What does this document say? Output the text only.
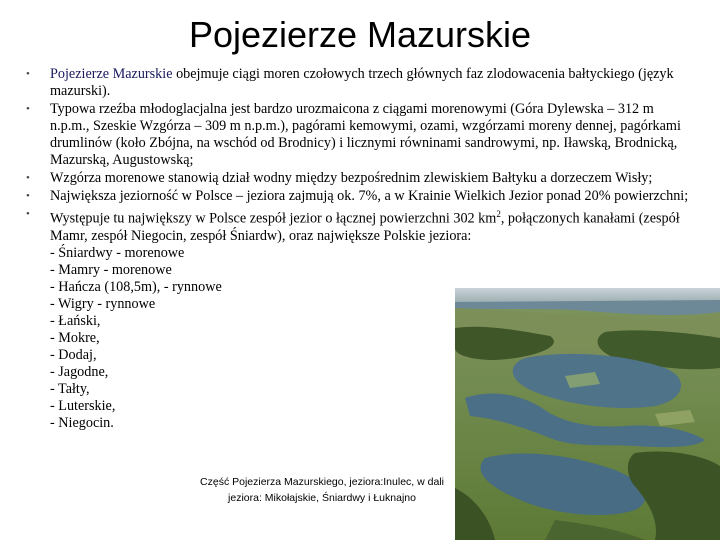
Pojezierze Mazurskie
• Pojezierze Mazurskie obejmuje ciągi moren czołowych trzech głównych faz zlodowacenia bałtyckiego (język mazurski).
• Typowa rzeźba młodoglacjalna jest bardzo urozmaicona z ciągami morenowymi (Góra Dylewska – 312 m n.p.m., Szeskie Wzgórza – 309 m n.p.m.), pagórami kemowymi, ozami, wzgórzami moreny dennej, pagórkami drumlinów (koło Zbójna, na wschód od Brodnicy) i licznymi równinami sandrowymi, np. Iławską, Brodnicką, Mazurską, Augustowską;
• Wzgórza morenowe stanowią dział wodny między bezpośrednim zlewiskiem Bałtyku a dorzeczem Wisły;
• Największa jeziorność w Polsce – jeziora zajmują ok. 7%, a w Krainie Wielkich Jezior ponad 20% powierzchni;
• Występuje tu największy w Polsce zespół jezior o łącznej powierzchni 302 $km^2$, połączonych kanałami (zespół Mamr, zespół Niegocin, zespół Śniardw), oraz największe Polskie jeziora:
- Śniardwy - morenowe
- Mamry - morenowe
- Hańcza (108,5m), - rynnowe
- Wigry - rynnowe
- Łański,
- Mokre,
- Dodaj,
- Jagodne,
- Tałty,
- Luterskie,
- Niegocin.
Część Pojezierza Mazurskiego, jeziora:Inulec, w dali jeziora: Mikołajskie, Śniardwy i Łuknajno
